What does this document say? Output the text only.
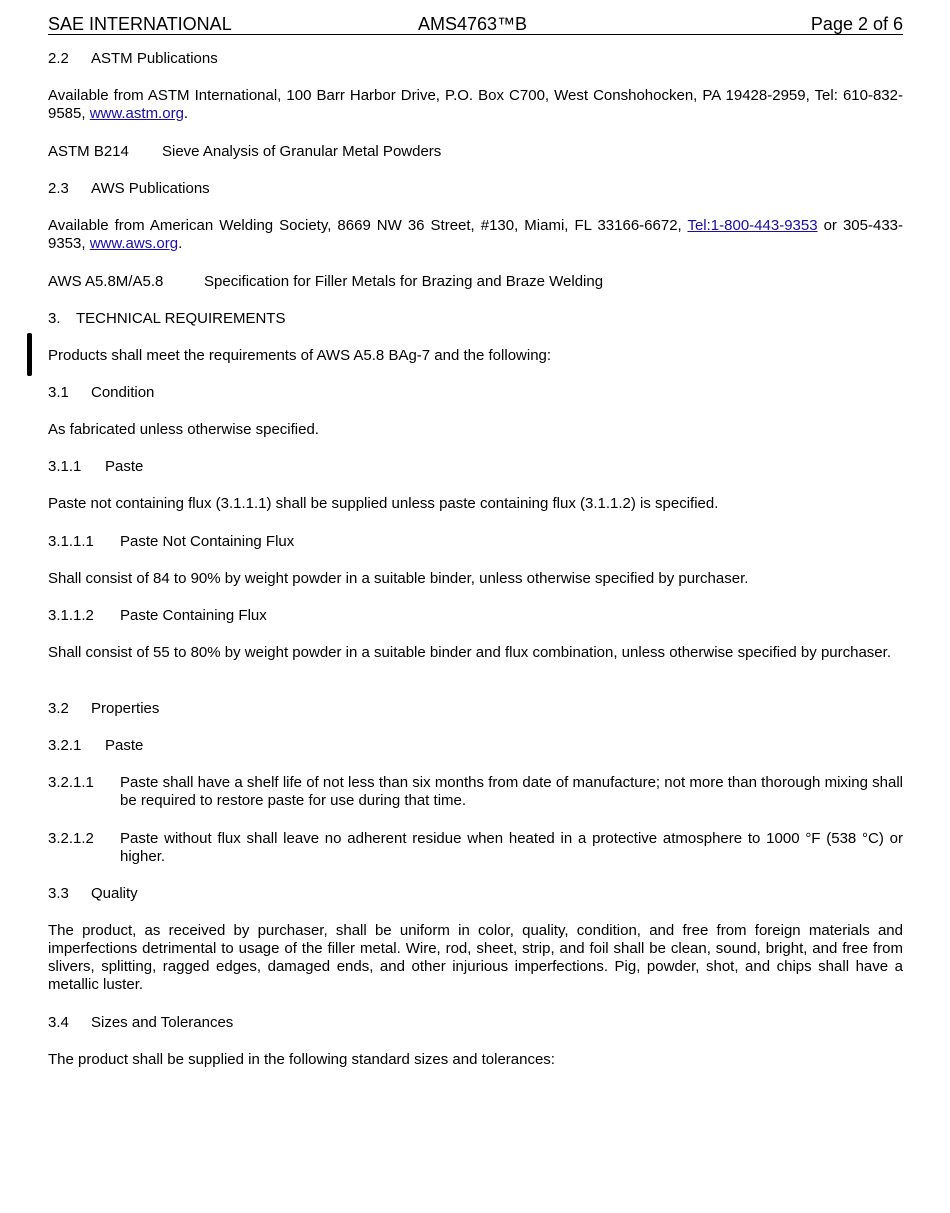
SAE INTERNATIONAL	AMS4763™B	Page 2 of 6
2.2 ASTM Publications
Available from ASTM International, 100 Barr Harbor Drive, P.O. Box C700, West Conshohocken, PA 19428-2959, Tel: 610-832-9585, www.astm.org.
ASTM B214 Sieve Analysis of Granular Metal Powders
2.3 AWS Publications
Available from American Welding Society, 8669 NW 36 Street, #130, Miami, FL 33166-6672, Tel:1-800-443-9353 or 305-433-9353, www.aws.org.
AWS A5.8M/A5.8	Specification for Filler Metals for Brazing and Braze Welding
3. TECHNICAL REQUIREMENTS
Products shall meet the requirements of AWS A5.8 BAg-7 and the following:
3.1 Condition
As fabricated unless otherwise specified.
3.1.1 Paste
Paste not containing flux (3.1.1.1) shall be supplied unless paste containing flux (3.1.1.2) is specified.
3.1.1.1 Paste Not Containing Flux
Shall consist of 84 to 90% by weight powder in a suitable binder, unless otherwise specified by purchaser.
3.1.1.2 Paste Containing Flux
Shall consist of 55 to 80% by weight powder in a suitable binder and flux combination, unless otherwise specified by purchaser.
3.2 Properties
3.2.1 Paste
3.2.1.1 Paste shall have a shelf life of not less than six months from date of manufacture; not more than thorough mixing shall be required to restore paste for use during that time.
3.2.1.2 Paste without flux shall leave no adherent residue when heated in a protective atmosphere to 1000 °F (538 °C) or higher.
3.3 Quality
The product, as received by purchaser, shall be uniform in color, quality, condition, and free from foreign materials and imperfections detrimental to usage of the filler metal. Wire, rod, sheet, strip, and foil shall be clean, sound, bright, and free from slivers, splitting, ragged edges, damaged ends, and other injurious imperfections. Pig, powder, shot, and chips shall have a metallic luster.
3.4 Sizes and Tolerances
The product shall be supplied in the following standard sizes and tolerances:
